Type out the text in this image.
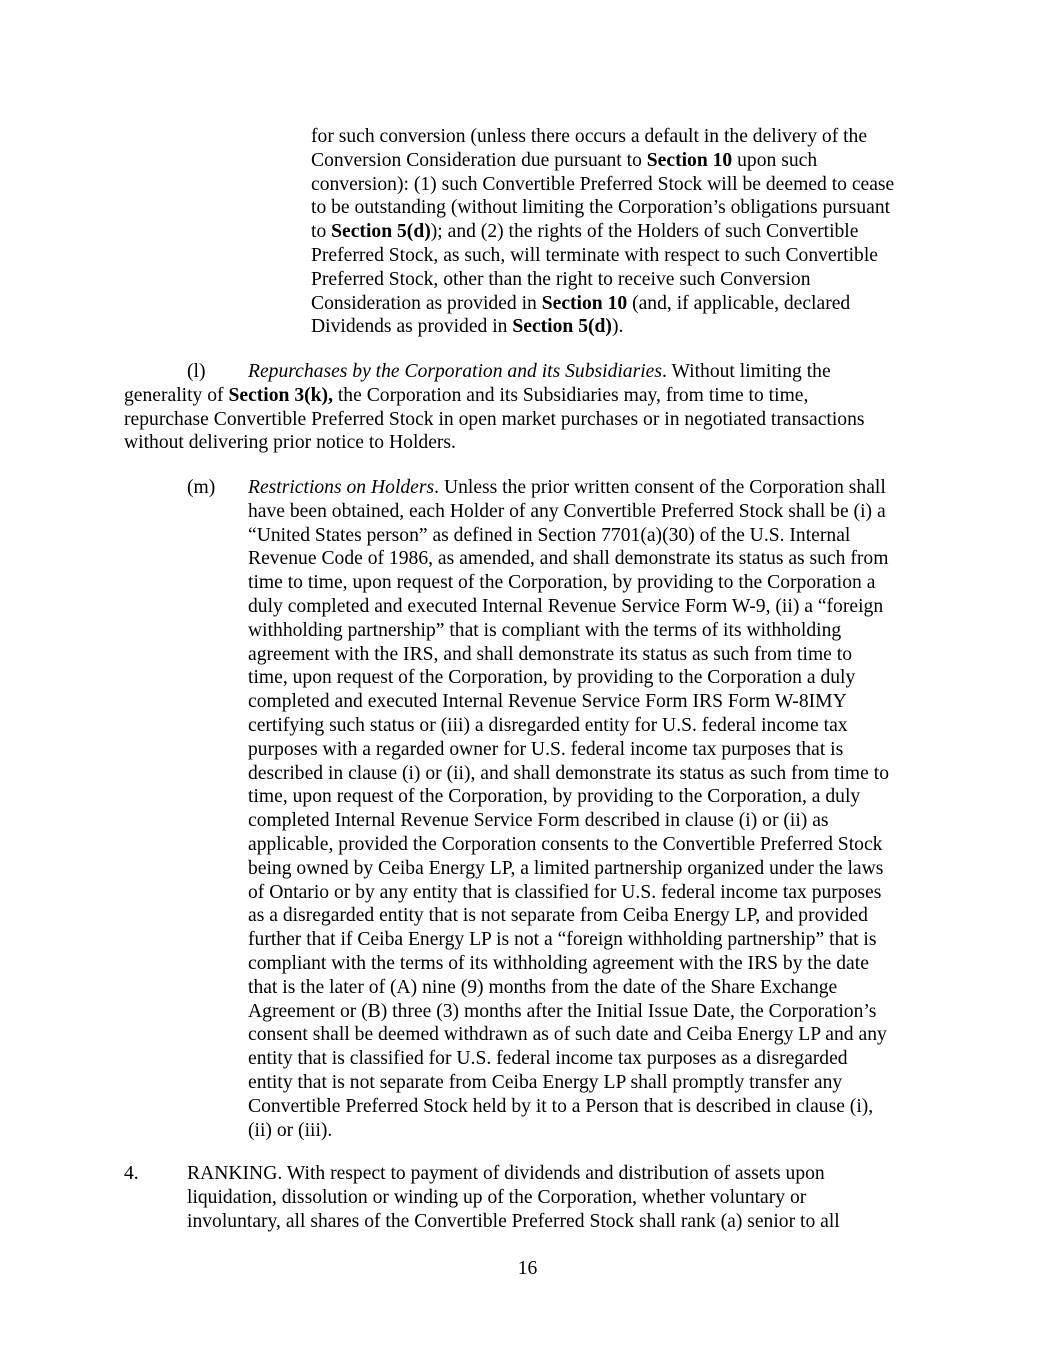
for such conversion (unless there occurs a default in the delivery of the
Conversion Consideration due pursuant to Section 10 upon such
conversion): (1) such Convertible Preferred Stock will be deemed to cease
to be outstanding (without limiting the Corporation’s obligations pursuant
to Section 5(d)); and (2) the rights of the Holders of such Convertible
Preferred Stock, as such, will terminate with respect to such Convertible
Preferred Stock, other than the right to receive such Conversion
Consideration as provided in Section 10 (and, if applicable, declared
Dividends as provided in Section 5(d)).
(l)	Repurchases by the Corporation and its Subsidiaries. Without limiting the
generality of Section 3(k), the Corporation and its Subsidiaries may, from time to time,
repurchase Convertible Preferred Stock in open market purchases or in negotiated transactions
without delivering prior notice to Holders.
(m) Restrictions on Holders. Unless the prior written consent of the Corporation shall
have been obtained, each Holder of any Convertible Preferred Stock shall be (i) a
“United States person” as defined in Section 7701(a)(30) of the U.S. Internal
Revenue Code of 1986, as amended, and shall demonstrate its status as such from
time to time, upon request of the Corporation, by providing to the Corporation a
duly completed and executed Internal Revenue Service Form W-9, (ii) a “foreign
withholding partnership” that is compliant with the terms of its withholding
agreement with the IRS, and shall demonstrate its status as such from time to
time, upon request of the Corporation, by providing to the Corporation a duly
completed and executed Internal Revenue Service Form IRS Form W-8IMY
certifying such status or (iii) a disregarded entity for U.S. federal income tax
purposes with a regarded owner for U.S. federal income tax purposes that is
described in clause (i) or (ii), and shall demonstrate its status as such from time to
time, upon request of the Corporation, by providing to the Corporation, a duly
completed Internal Revenue Service Form described in clause (i) or (ii) as
applicable, provided the Corporation consents to the Convertible Preferred Stock
being owned by Ceiba Energy LP, a limited partnership organized under the laws
of Ontario or by any entity that is classified for U.S. federal income tax purposes
as a disregarded entity that is not separate from Ceiba Energy LP, and provided
further that if Ceiba Energy LP is not a “foreign withholding partnership” that is
compliant with the terms of its withholding agreement with the IRS by the date
that is the later of (A) nine (9) months from the date of the Share Exchange
Agreement or (B) three (3) months after the Initial Issue Date, the Corporation’s
consent shall be deemed withdrawn as of such date and Ceiba Energy LP and any
entity that is classified for U.S. federal income tax purposes as a disregarded
entity that is not separate from Ceiba Energy LP shall promptly transfer any
Convertible Preferred Stock held by it to a Person that is described in clause (i),
(ii) or (iii).
4. RANKING. With respect to payment of dividends and distribution of assets upon
liquidation, dissolution or winding up of the Corporation, whether voluntary or
involuntary, all shares of the Convertible Preferred Stock shall rank (a) senior to all
16
